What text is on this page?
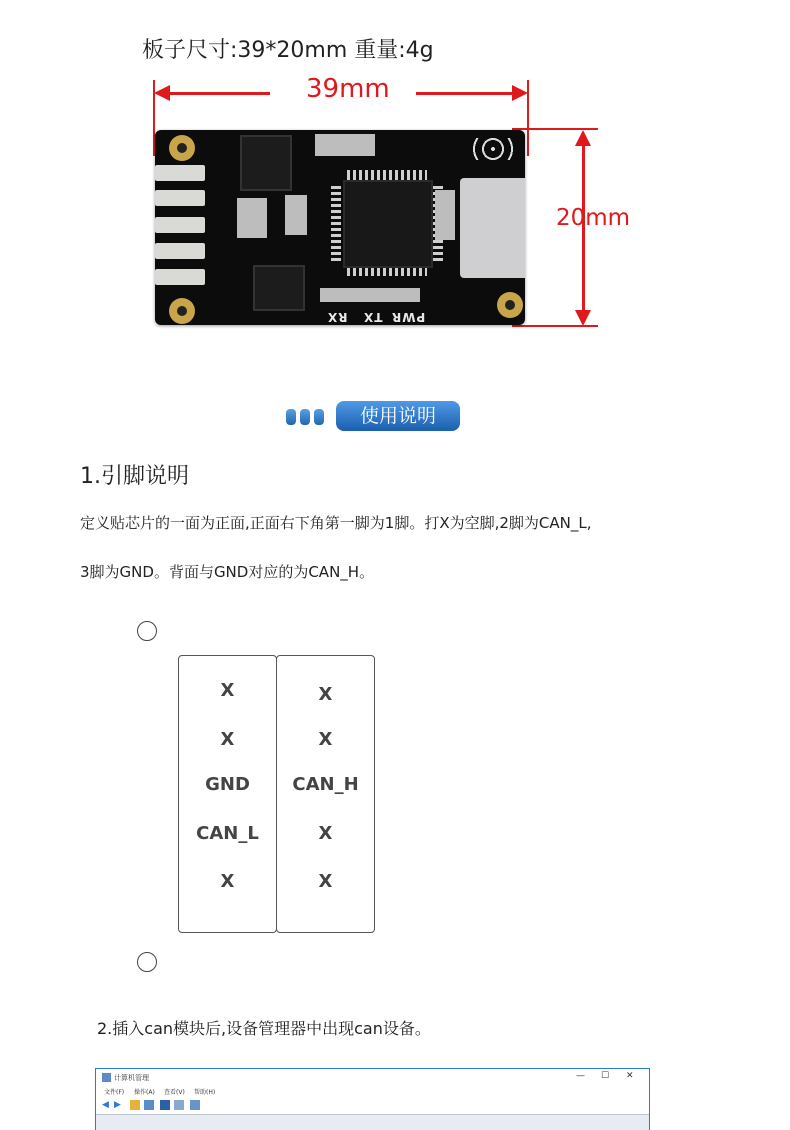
板子尺寸:39*20mm 重量:4g
39mm
20mm
RX TX PWR
使用说明
1.引脚说明
定义贴芯片的一面为正面,正面右下角第一脚为1脚。打X为空脚,2脚为CAN_L,
3脚为GND。背面与GND对应的为CAN_H。
X
X
GND
CAN_L
X
X
X
CAN_H
X
X
2.插入can模块后,设备管理器中出现can设备。
计算机管理	— ☐ ✕
文件(F) 操作(A) 查看(V) 帮助(H)
◀ ▶
